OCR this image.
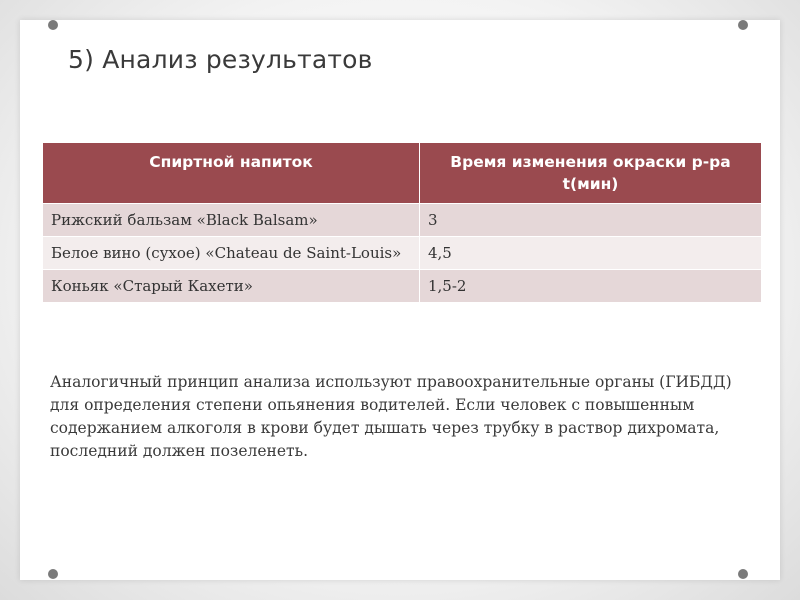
5) Анализ результатов
Спиртной напиток	Время изменения окраски р-ра t(мин)
Рижский бальзам «Black Balsam»	3
Белое вино (сухое) «Chateau de Saint-Louis»	4,5
Коньяк «Старый Кахети»	1,5-2

Аналогичный принцип анализа используют правоохранительные органы (ГИБДД) для определения степени опьянения водителей. Если человек с повышенным содержанием алкоголя в крови будет дышать через трубку в раствор дихромата, последний должен позеленеть.
